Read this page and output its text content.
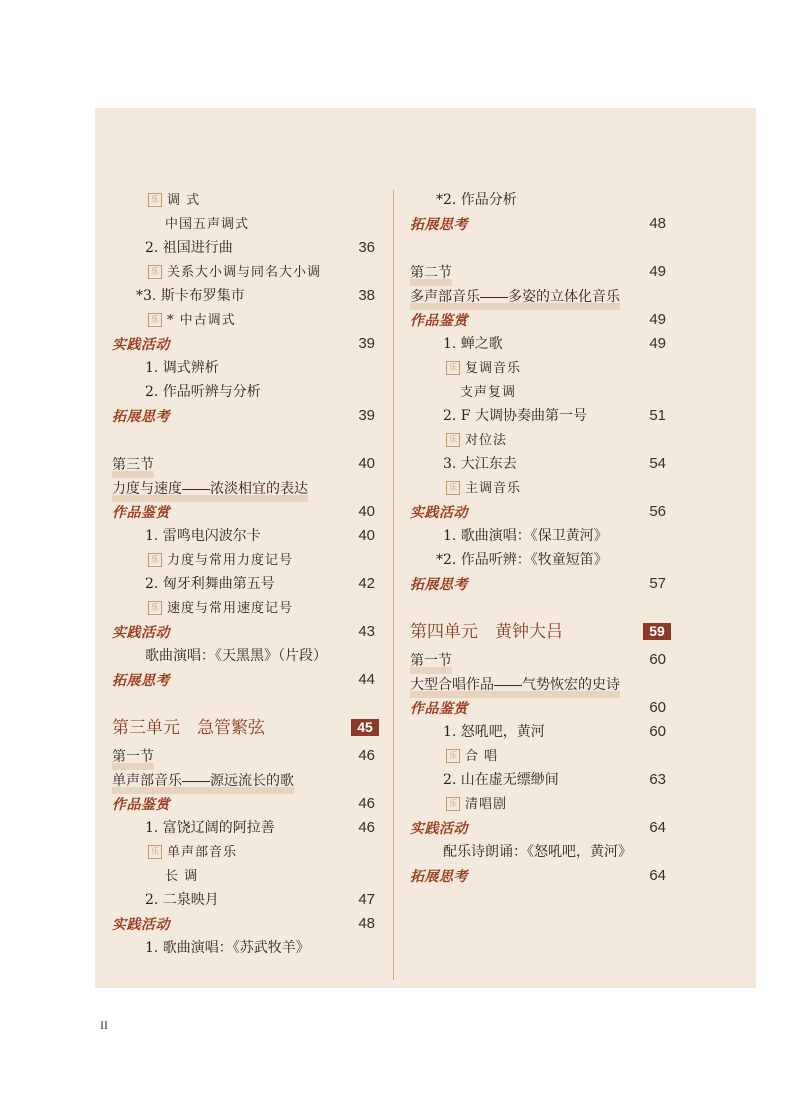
乐 调 式
中国五声调式
2. 祖国进行曲	36
乐 关系大小调与同名大小调
*3. 斯卡布罗集市	38
乐 * 中古调式
实践活动	39
1. 调式辨析
2. 作品听辨与分析
拓展思考	39
第三节	40
力度与速度——浓淡相宜的表达
作品鉴赏	40
1. 雷鸣电闪波尔卡	40
乐 力度与常用力度记号
2. 匈牙利舞曲第五号	42
乐 速度与常用速度记号
实践活动	43
歌曲演唱：《天黑黑》（片段）
拓展思考	44
第三单元　急管繁弦	45
第一节	46
单声部音乐——源远流长的歌
作品鉴赏	46
1. 富饶辽阔的阿拉善	46
乐 单声部音乐
长 调
2. 二泉映月	47
实践活动	48
1. 歌曲演唱：《苏武牧羊》
*2. 作品分析
拓展思考	48
第二节	49
多声部音乐——多姿的立体化音乐
作品鉴赏	49
1. 蝉之歌	49
乐 复调音乐
支声复调
2. F 大调协奏曲第一号	51
乐 对位法
3. 大江东去	54
乐 主调音乐
实践活动	56
1. 歌曲演唱：《保卫黄河》
*2. 作品听辨：《牧童短笛》
拓展思考	57
第四单元　黄钟大吕	59
第一节	60
大型合唱作品——气势恢宏的史诗
作品鉴赏	60
1. 怒吼吧，黄河	60
乐 合 唱
2. 山在虚无缥缈间	63
乐 清唱剧
实践活动	64
配乐诗朗诵：《怒吼吧，黄河》
拓展思考	64
II
